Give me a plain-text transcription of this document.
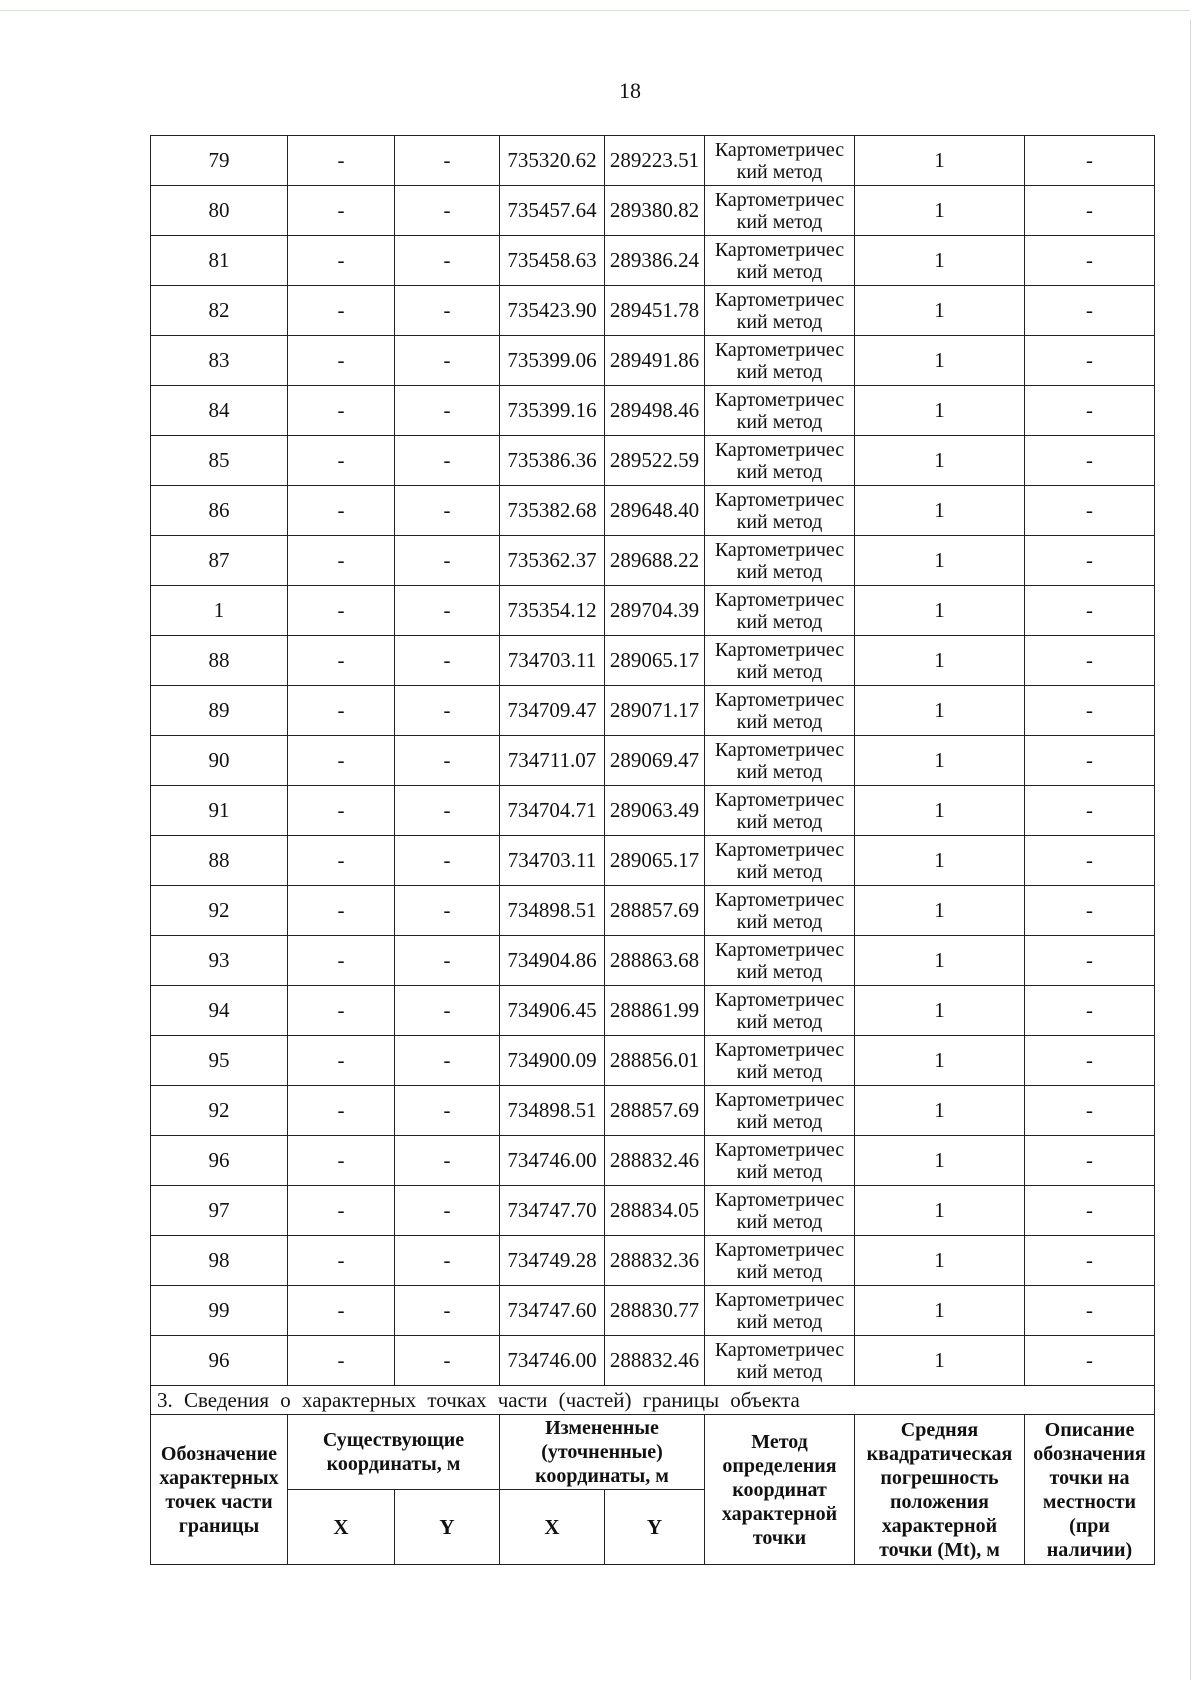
18
79	-	-	735320.62	289223.51	Картометричес кий метод	1	-
80	-	-	735457.64	289380.82	Картометричес кий метод	1	-
81	-	-	735458.63	289386.24	Картометричес кий метод	1	-
82	-	-	735423.90	289451.78	Картометричес кий метод	1	-
83	-	-	735399.06	289491.86	Картометричес кий метод	1	-
84	-	-	735399.16	289498.46	Картометричес кий метод	1	-
85	-	-	735386.36	289522.59	Картометричес кий метод	1	-
86	-	-	735382.68	289648.40	Картометричес кий метод	1	-
87	-	-	735362.37	289688.22	Картометричес кий метод	1	-
1	-	-	735354.12	289704.39	Картометричес кий метод	1	-
88	-	-	734703.11	289065.17	Картометричес кий метод	1	-
89	-	-	734709.47	289071.17	Картометричес кий метод	1	-
90	-	-	734711.07	289069.47	Картометричес кий метод	1	-
91	-	-	734704.71	289063.49	Картометричес кий метод	1	-
88	-	-	734703.11	289065.17	Картометричес кий метод	1	-
92	-	-	734898.51	288857.69	Картометричес кий метод	1	-
93	-	-	734904.86	288863.68	Картометричес кий метод	1	-
94	-	-	734906.45	288861.99	Картометричес кий метод	1	-
95	-	-	734900.09	288856.01	Картометричес кий метод	1	-
92	-	-	734898.51	288857.69	Картометричес кий метод	1	-
96	-	-	734746.00	288832.46	Картометричес кий метод	1	-
97	-	-	734747.70	288834.05	Картометричес кий метод	1	-
98	-	-	734749.28	288832.36	Картометричес кий метод	1	-
99	-	-	734747.60	288830.77	Картометричес кий метод	1	-
96	-	-	734746.00	288832.46	Картометричес кий метод	1	-
3. Сведения о характерных точках части (частей) границы объекта							
Обозначение характерных точек части границы	Существующие координаты, м		Измененные (уточненные) координаты, м		Метод определения координат характерной точки	Средняя квадратическая погрешность положения характерной точки (Mt), м	Описание обозначения точки на местности (при наличии)
	X	Y	X	Y			
